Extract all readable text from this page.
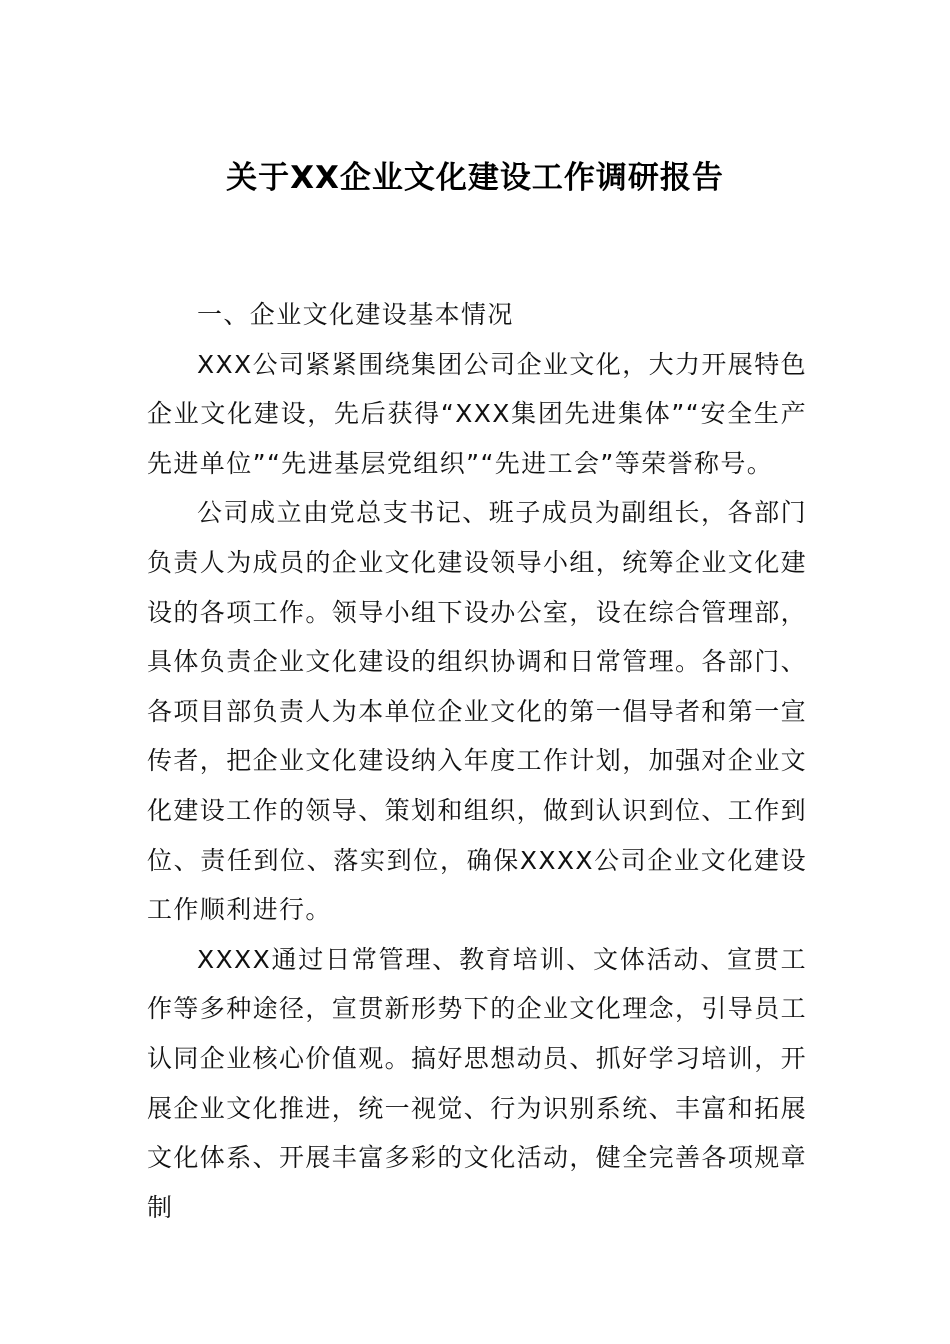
关于XX企业文化建设工作调研报告

一、企业文化建设基本情况

XXX公司紧紧围绕集团公司企业文化，大力开展特色企业文化建设，先后获得“XXX集团先进集体”“安全生产先进单位”“先进基层党组织”“先进工会”等荣誉称号。

公司成立由党总支书记、班子成员为副组长，各部门负责人为成员的企业文化建设领导小组，统筹企业文化建设的各项工作。领导小组下设办公室，设在综合管理部，具体负责企业文化建设的组织协调和日常管理。各部门、各项目部负责人为本单位企业文化的第一倡导者和第一宣传者，把企业文化建设纳入年度工作计划，加强对企业文化建设工作的领导、策划和组织，做到认识到位、工作到位、责任到位、落实到位，确保XXXX公司企业文化建设工作顺利进行。

XXXX通过日常管理、教育培训、文体活动、宣贯工作等多种途径，宣贯新形势下的企业文化理念，引导员工认同企业核心价值观。搞好思想动员、抓好学习培训，开展企业文化推进，统一视觉、行为识别系统、丰富和拓展文化体系、开展丰富多彩的文化活动，健全完善各项规章制
